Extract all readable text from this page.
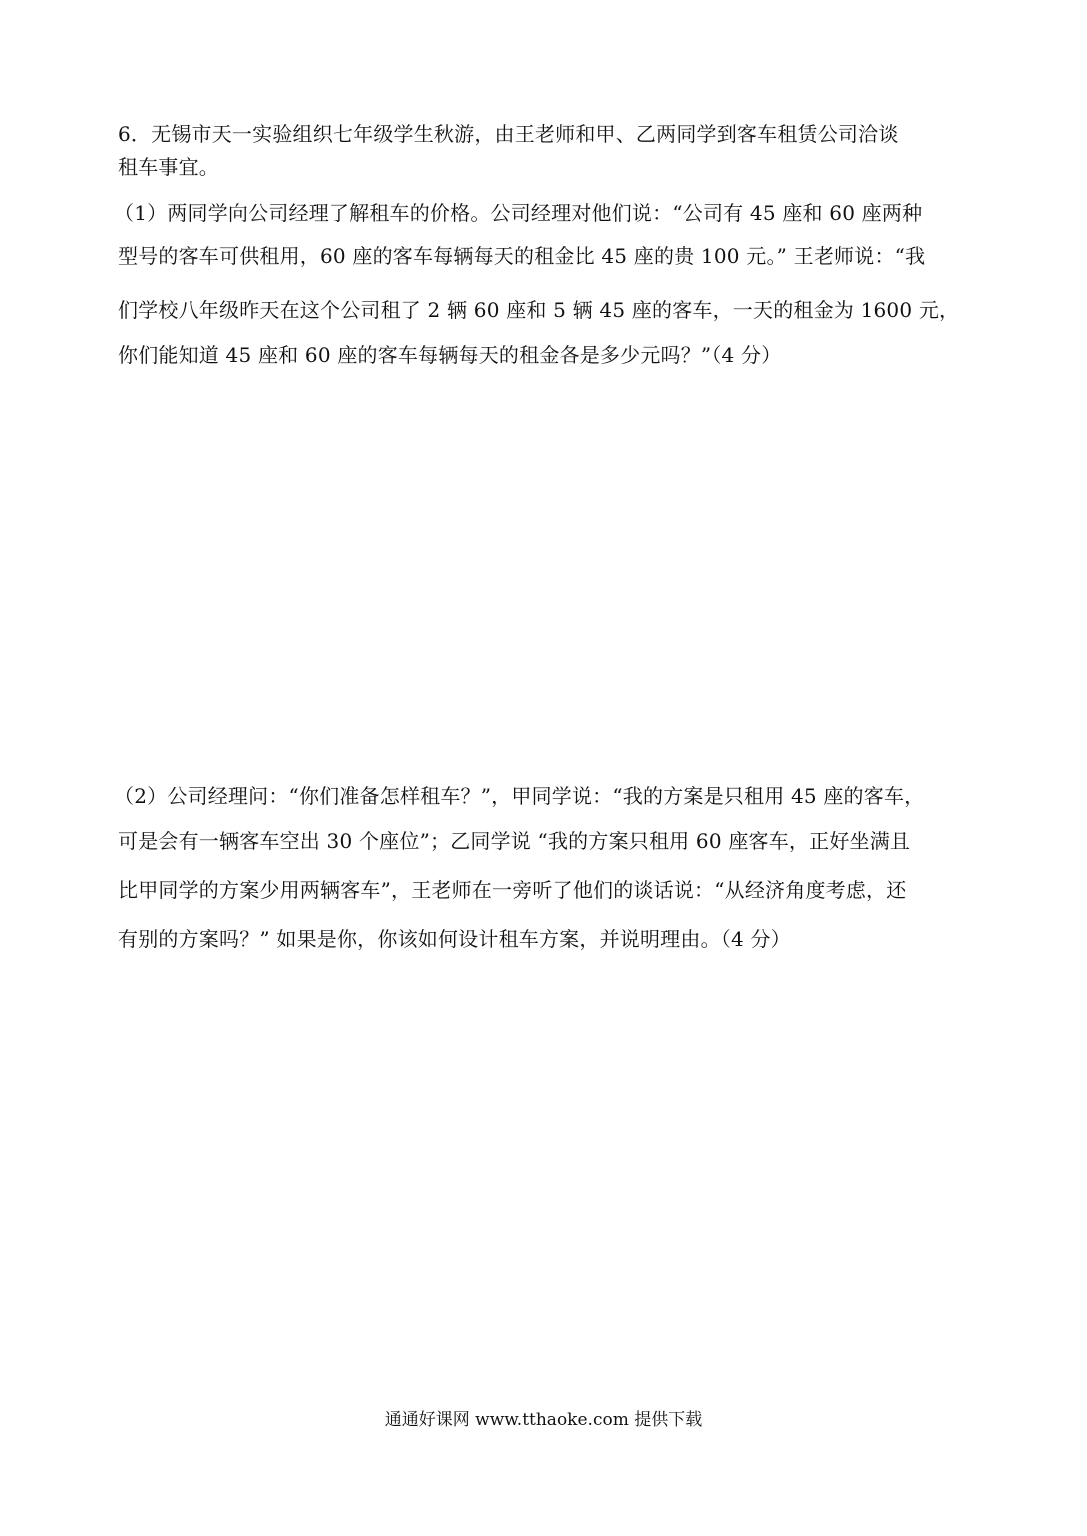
6．无锡市天一实验组织七年级学生秋游，由王老师和甲、乙两同学到客车租赁公司洽谈
租车事宜。
（1）两同学向公司经理了解租车的价格。公司经理对他们说：“公司有 45 座和 60 座两种
型号的客车可供租用，60 座的客车每辆每天的租金比 45 座的贵 100 元。” 王老师说：“我
们学校八年级昨天在这个公司租了 2 辆 60 座和 5 辆 45 座的客车，一天的租金为 1600 元，
你们能知道 45 座和 60 座的客车每辆每天的租金各是多少元吗？”（4 分）
（2）公司经理问：“你们准备怎样租车？”，甲同学说：“我的方案是只租用 45 座的客车，
可是会有一辆客车空出 30 个座位”；乙同学说 “我的方案只租用 60 座客车，正好坐满且
比甲同学的方案少用两辆客车”，王老师在一旁听了他们的谈话说：“从经济角度考虑，还
有别的方案吗？” 如果是你，你该如何设计租车方案，并说明理由。（4 分）
通通好课网 www.tthaoke.com 提供下载
